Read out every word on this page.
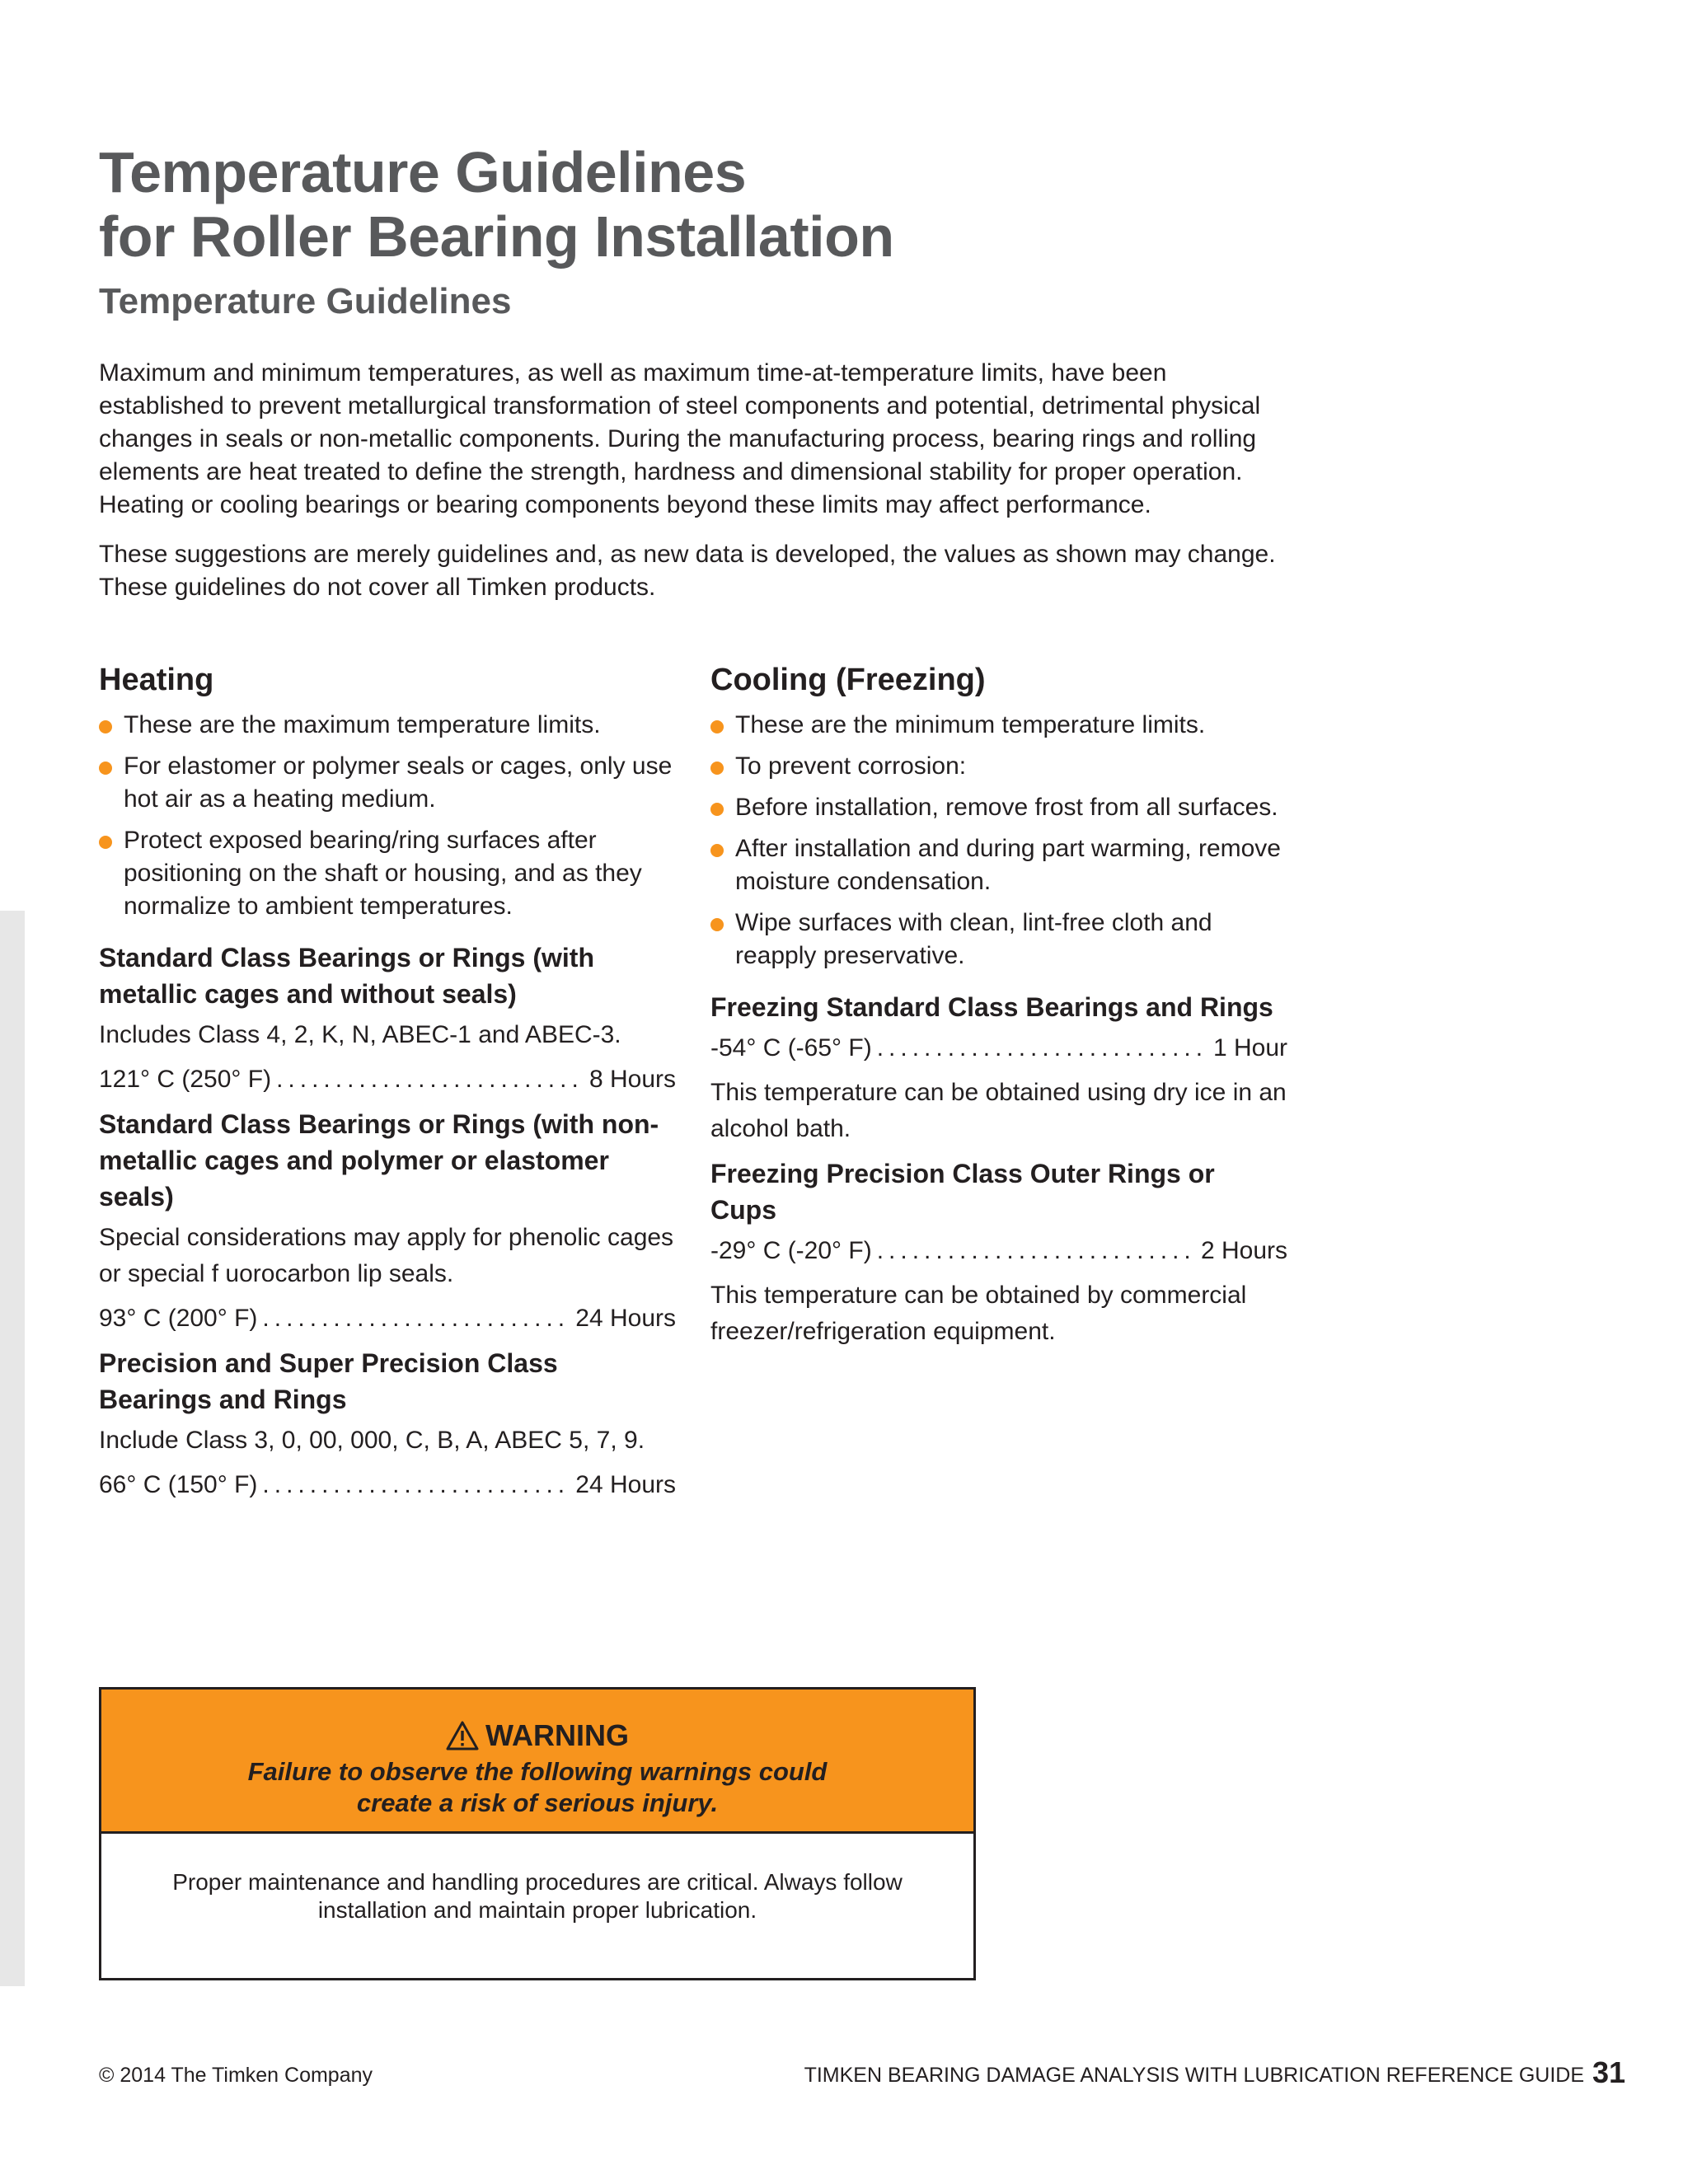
Temperature Guidelines
for Roller Bearing Installation
Temperature Guidelines

Maximum and minimum temperatures, as well as maximum time-at-temperature limits, have been established to prevent metallurgical transformation of steel components and potential, detrimental physical changes in seals or non-metallic components. During the manufacturing process, bearing rings and rolling elements are heat treated to define the strength, hardness and dimensional stability for proper operation. Heating or cooling bearings or bearing components beyond these limits may affect performance.

These suggestions are merely guidelines and, as new data is developed, the values as shown may change. These guidelines do not cover all Timken products.

Heating
These are the maximum temperature limits.
For elastomer or polymer seals or cages, only use hot air as a heating medium.
Protect exposed bearing/ring surfaces after positioning on the shaft or housing, and as they normalize to ambient temperatures.
Standard Class Bearings or Rings (with metallic cages and without seals)

Includes Class 4, 2, K, N, ABEC-1 and ABEC-3.

121° C (250° F) .....	8 Hours
Standard Class Bearings or Rings (with non-metallic cages and polymer or elastomer seals)

Special considerations may apply for phenolic cages or special f uorocarbon lip seals.

93° C (200° F) .....	24 Hours
Precision and Super Precision Class Bearings and Rings

Include Class 3, 0, 00, 000, C, B, A, ABEC 5, 7, 9.

66° C (150° F) .....	24 Hours
Cooling (Freezing)
These are the minimum temperature limits.
To prevent corrosion:
Before installation, remove frost from all surfaces.
After installation and during part warming, remove moisture condensation.
Wipe surfaces with clean, lint-free cloth and reapply preservative.
Freezing Standard Class Bearings and Rings
-54° C (-65° F) .....	1 Hour

This temperature can be obtained using dry ice in an alcohol bath.

Freezing Precision Class Outer Rings or Cups
-29° C (-20° F) .....	2 Hours

This temperature can be obtained by commercial freezer/refrigeration equipment.

WARNING
Failure to observe the following warnings could create a risk of serious injury.
Proper maintenance and handling procedures are critical. Always follow installation and maintain proper lubrication.
© 2014 The Timken Company	TIMKEN BEARING DAMAGE ANALYSIS WITH LUBRICATION REFERENCE GUIDE 31
